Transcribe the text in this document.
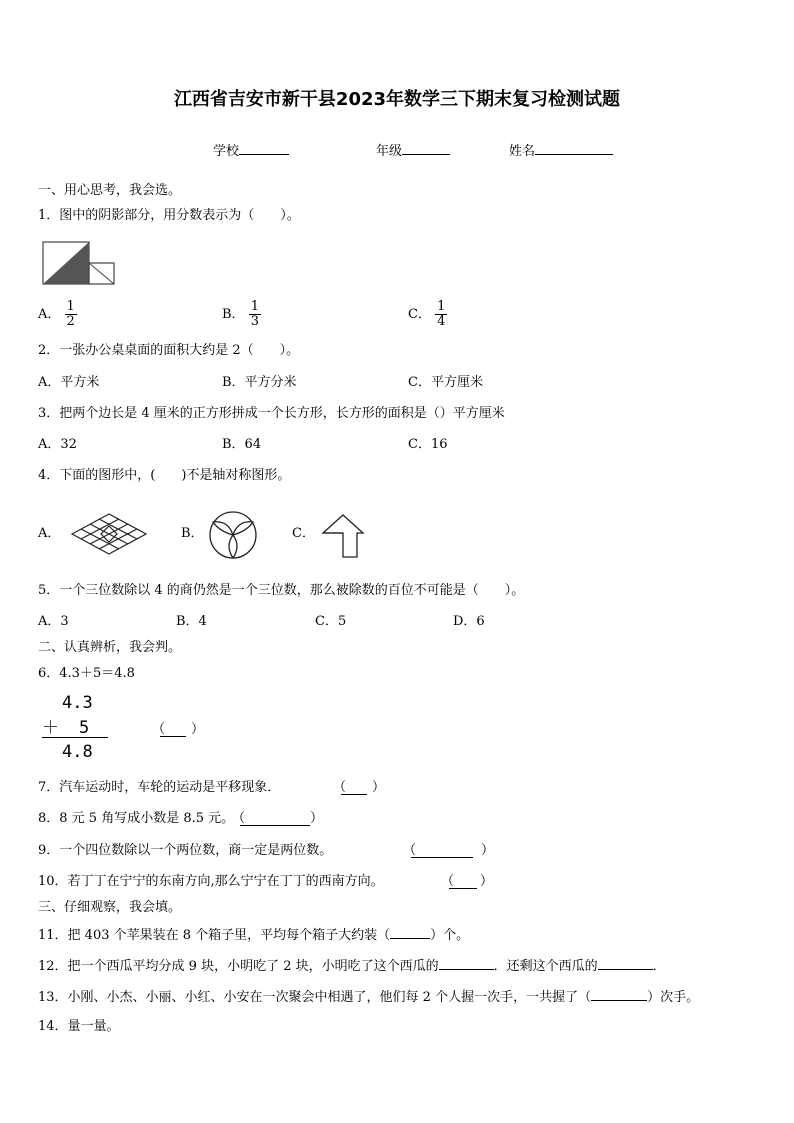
江西省吉安市新干县2023年数学三下期末复习检测试题
学校	年级	姓名
一、用心思考，我会选。
1．图中的阴影部分，用分数表示为（　　）。
A． $\frac{1}{2}$	B． $\frac{1}{3}$	C． $\frac{1}{4}$
2．一张办公桌桌面的面积大约是 2（　　）。
A．平方米	B．平方分米	C．平方厘米
3．把两个边长是 4 厘米的正方形拼成一个长方形，长方形的面积是（）平方厘米
A．32	B．64	C．16
4．下面的图形中，(　　)不是轴对称图形。
A．	B．	C．
5．一个三位数除以 4 的商仍然是一个三位数，那么被除数的百位不可能是（　　）。
A．3	B．4	C．5	D．6
二、认真辨析，我会判。
6．4.3＋5＝4.8
4.3
＋ 5
4.8
（　　）
7．汽车运动时，车轮的运动是平移现象．	（　　）
8．8 元 5 角写成小数是 8.5 元。
（　　　　　）
9．一个四位数除以一个两位数，商一定是两位数。	（　　　　　）
10．若丁丁在宁宁的东南方向,那么宁宁在丁丁的西南方向。	（　　）
三、仔细观察，我会填。
11．把 403 个苹果装在 8 个箱子里，平均每个箱子大约装（	）个。
12．把一个西瓜平均分成 9 块，小明吃了 2 块，小明吃了这个西瓜的	．还剩这个西瓜的	．
13．小刚、小杰、小丽、小红、小安在一次聚会中相遇了，他们每 2 个人握一次手，一共握了（	）次手。
14．量一量。
